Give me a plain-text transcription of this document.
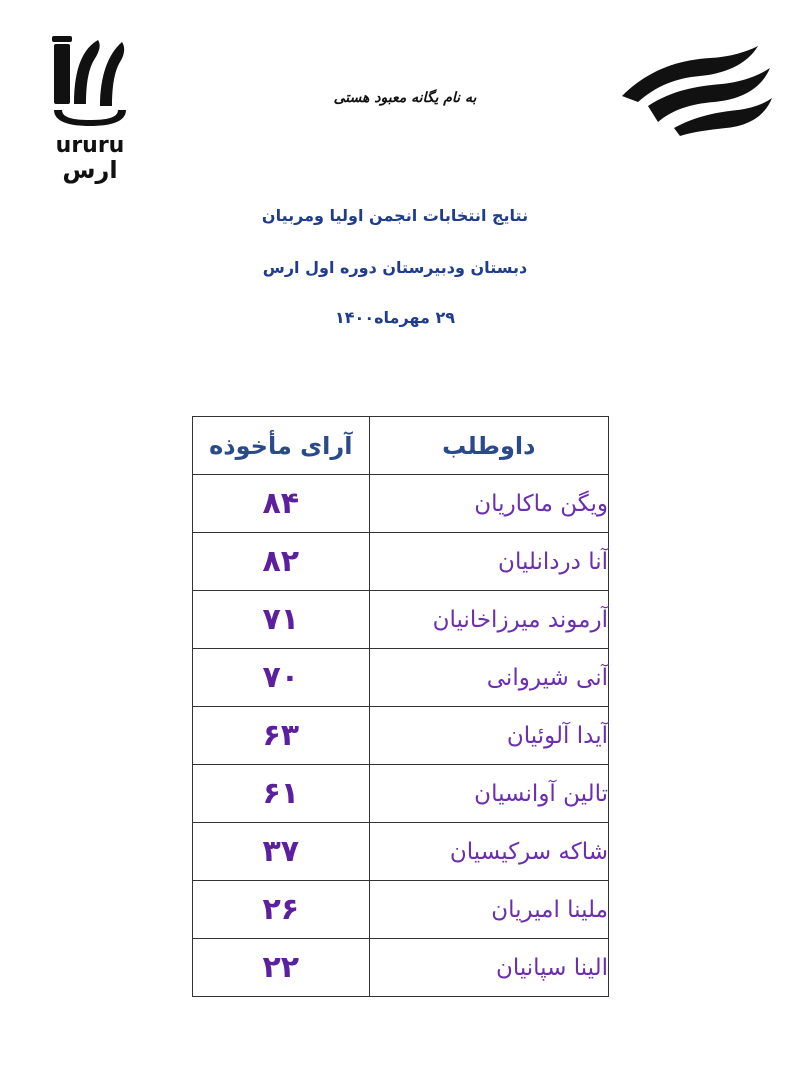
ururu
ارس

به نام یگانه معبود هستی

نتایج انتخابات انجمن اولیا ومربیان

دبستان ودبیرستان دوره اول ارس

۲۹ مهرماه۱۴۰۰

داوطلب	آرای مأخوذه
ویگن ماکاریان	۸۴
آنا دردانلیان	۸۲
آرموند میرزاخانیان	۷۱
آنی شیروانی	۷۰
آیدا آلوئیان	۶۳
تالین آوانسیان	۶۱
شاکه سرکیسیان	۳۷
ملینا امیریان	۲۶
الینا سپانیان	۲۲
